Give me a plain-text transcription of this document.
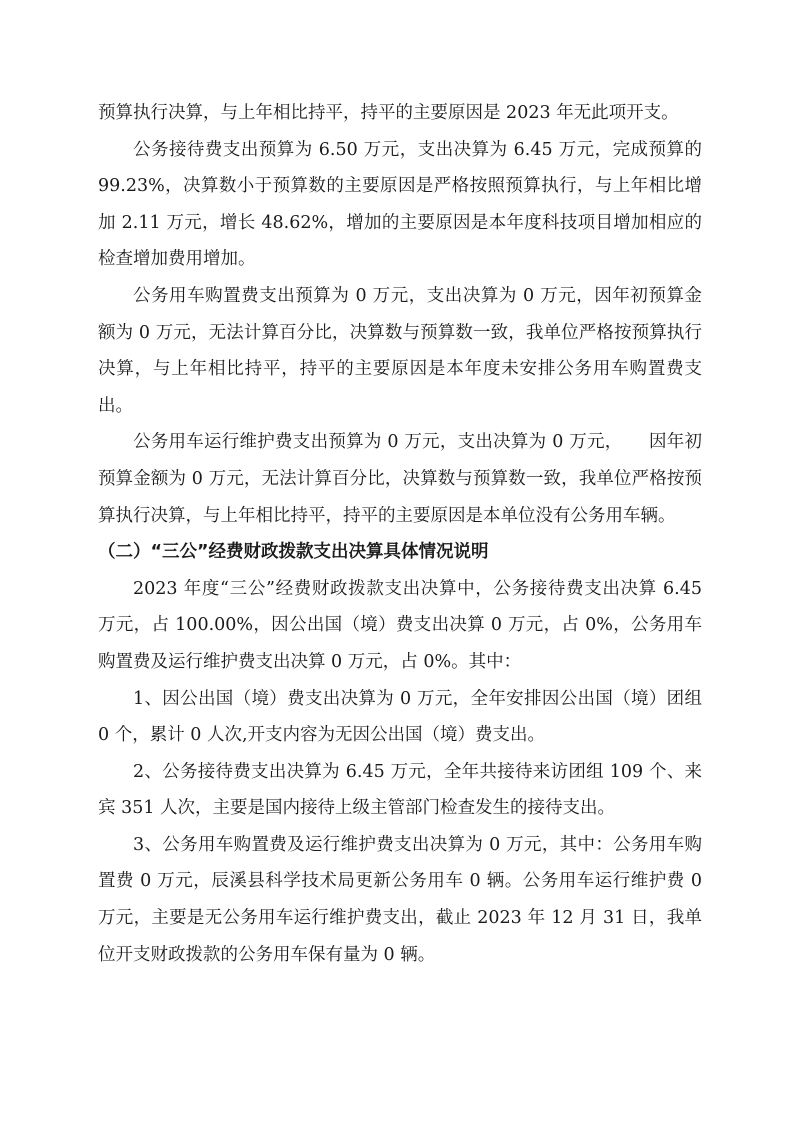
预算执行决算，与上年相比持平，持平的主要原因是 2023 年无此项开支。

公务接待费支出预算为 6.50 万元，支出决算为 6.45 万元，完成预算的 99.23%，决算数小于预算数的主要原因是严格按照预算执行，与上年相比增加 2.11 万元，增长 48.62%，增加的主要原因是本年度科技项目增加相应的检查增加费用增加。

公务用车购置费支出预算为 0 万元，支出决算为 0 万元，因年初预算金额为 0 万元，无法计算百分比，决算数与预算数一致，我单位严格按预算执行决算，与上年相比持平，持平的主要原因是本年度未安排公务用车购置费支出。

公务用车运行维护费支出预算为 0 万元，支出决算为 0 万元， 因年初预算金额为 0 万元，无法计算百分比，决算数与预算数一致，我单位严格按预算执行决算，与上年相比持平，持平的主要原因是本单位没有公务用车辆。

（二）“三公”经费财政拨款支出决算具体情况说明

2023 年度“三公”经费财政拨款支出决算中，公务接待费支出决算 6.45 万元，占 100.00%，因公出国（境）费支出决算 0 万元，占 0%，公务用车购置费及运行维护费支出决算 0 万元，占 0%。其中：

1、因公出国（境）费支出决算为 0 万元，全年安排因公出国（境）团组 0 个，累计 0 人次,开支内容为无因公出国（境）费支出。

2、公务接待费支出决算为 6.45 万元，全年共接待来访团组 109 个、来宾 351 人次，主要是国内接待上级主管部门检查发生的接待支出。

3、公务用车购置费及运行维护费支出决算为 0 万元，其中：公务用车购置费 0 万元，辰溪县科学技术局更新公务用车 0 辆。公务用车运行维护费 0 万元，主要是无公务用车运行维护费支出，截止 2023 年 12 月 31 日，我单位开支财政拨款的公务用车保有量为 0 辆。
